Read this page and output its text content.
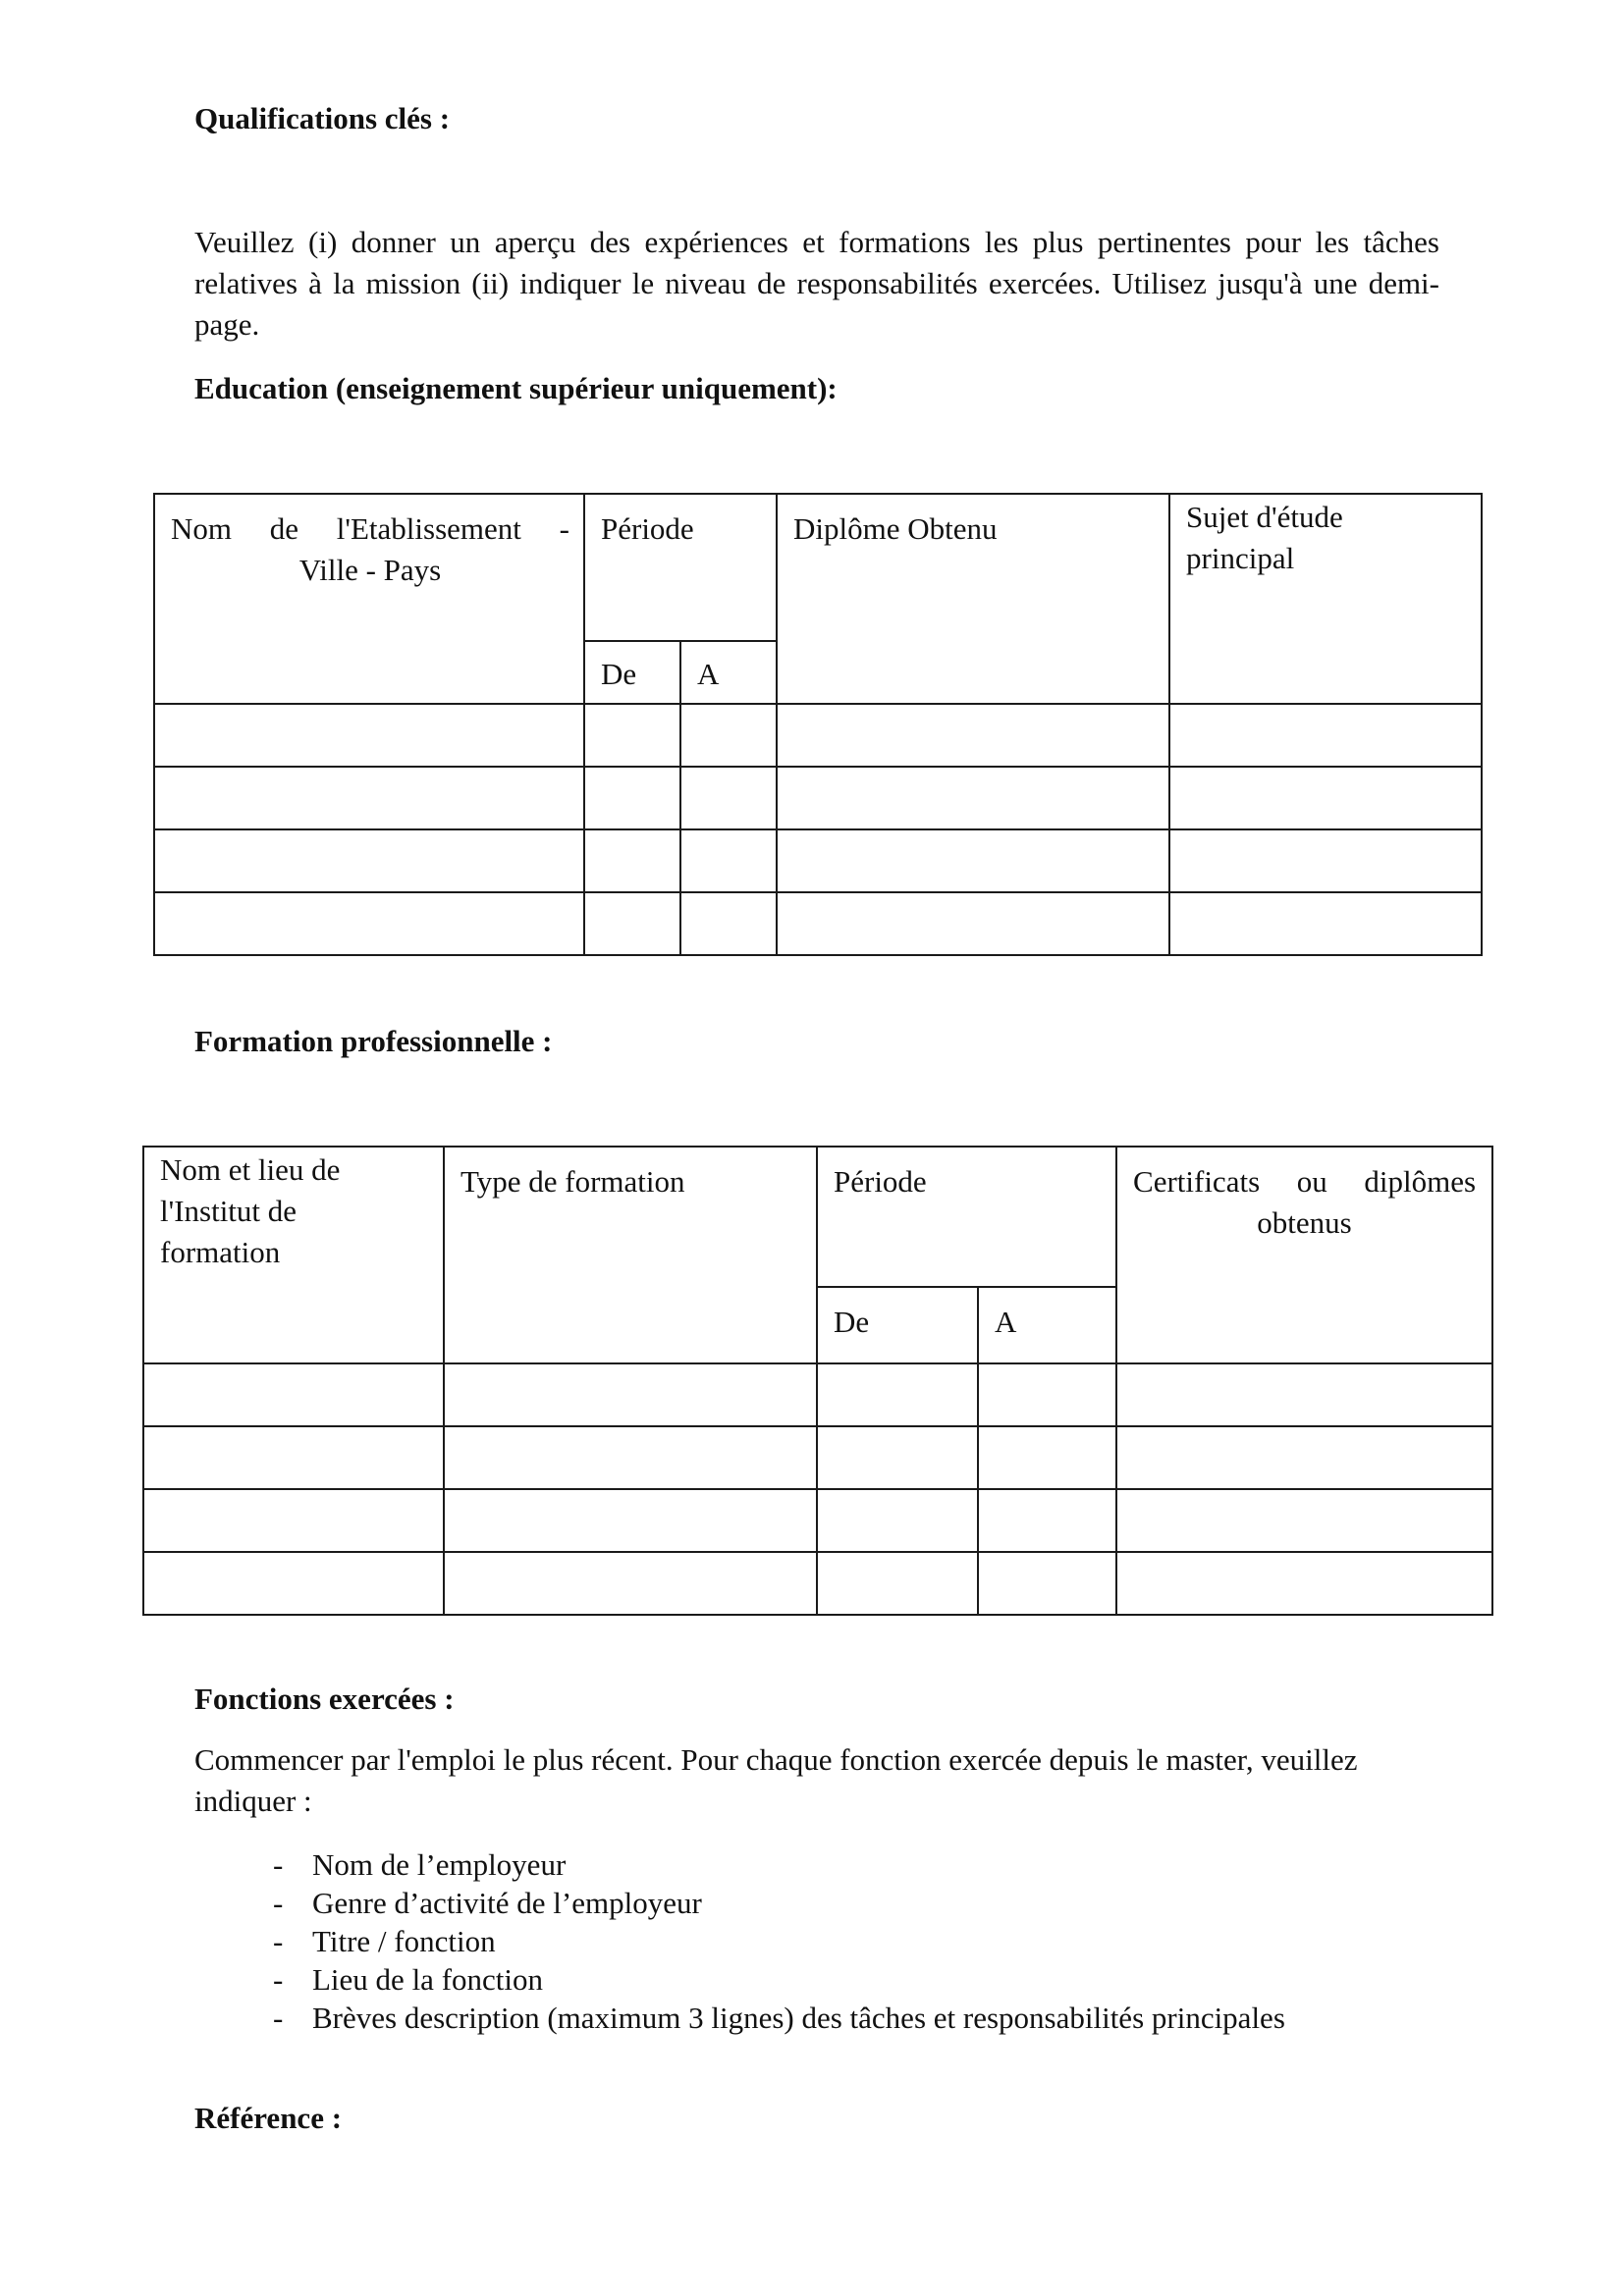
Qualifications clés :
Veuillez (i) donner un aperçu des expériences et formations les plus pertinentes pour les tâches relatives à la mission (ii) indiquer le niveau de responsabilités exercées. Utilisez jusqu'à une demi-page.
Education (enseignement supérieur uniquement):
Nom de l'Etablissement -
Ville - Pays	Période		Diplôme Obtenu	Sujet d'étude principal

	De	A		

Formation professionnelle :
Nom et lieu de l'Institut de formation	Type de formation	Période		Certificats ou diplômes
obtenus

		De	A	

Fonctions exercées :
Commencer par l'emploi le plus récent. Pour chaque fonction exercée depuis le master, veuillez indiquer :
- Nom de l’employeur
- Genre d’activité de l’employeur
- Titre / fonction
- Lieu de la fonction
- Brèves description (maximum 3 lignes) des tâches et responsabilités principales
Référence :
